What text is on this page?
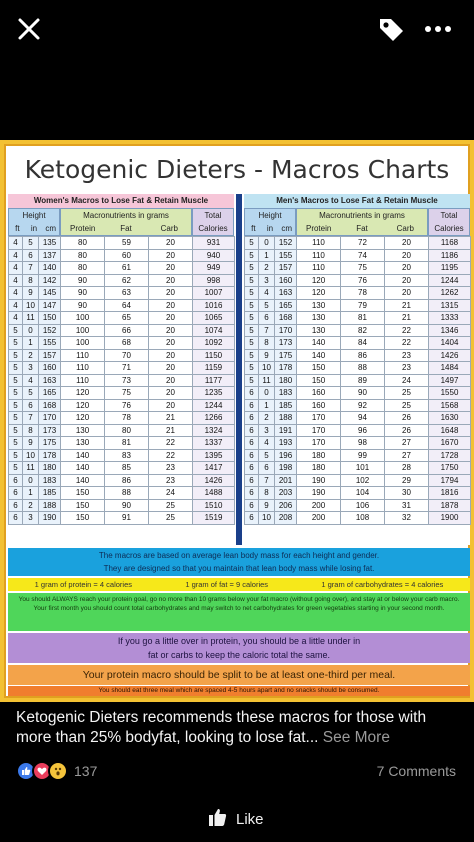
Ketogenic Dieters - Macros Charts
Women's Macros to Lose Fat & Retain Muscle
Height
ft	in	cm
Macronutrients in grams
Protein	Fat	Carb
Total
Calories
4	5	135	80	59	20	931
4	6	137	80	60	20	940
4	7	140	80	61	20	949
4	8	142	90	62	20	998
4	9	145	90	63	20	1007
4	10	147	90	64	20	1016
4	11	150	100	65	20	1065
5	0	152	100	66	20	1074
5	1	155	100	68	20	1092
5	2	157	110	70	20	1150
5	3	160	110	71	20	1159
5	4	163	110	73	20	1177
5	5	165	120	75	20	1235
5	6	168	120	76	20	1244
5	7	170	120	78	21	1266
5	8	173	130	80	21	1324
5	9	175	130	81	22	1337
5	10	178	140	83	22	1395
5	11	180	140	85	23	1417
6	0	183	140	86	23	1426
6	1	185	150	88	24	1488
6	2	188	150	90	25	1510
6	3	190	150	91	25	1519
Men's Macros to Lose Fat & Retain Muscle
Height
ft	in	cm
Macronutrients in grams
Protein	Fat	Carb
Total
Calories
5	0	152	110	72	20	1168
5	1	155	110	74	20	1186
5	2	157	110	75	20	1195
5	3	160	120	76	20	1244
5	4	163	120	78	20	1262
5	5	165	130	79	21	1315
5	6	168	130	81	21	1333
5	7	170	130	82	22	1346
5	8	173	140	84	22	1404
5	9	175	140	86	23	1426
5	10	178	150	88	23	1484
5	11	180	150	89	24	1497
6	0	183	160	90	25	1550
6	1	185	160	92	25	1568
6	2	188	170	94	26	1630
6	3	191	170	96	26	1648
6	4	193	170	98	27	1670
6	5	196	180	99	27	1728
6	6	198	180	101	28	1750
6	7	201	190	102	29	1794
6	8	203	190	104	30	1816
6	9	206	200	106	31	1878
6	10	208	200	108	32	1900
The macros are based on average lean body mass for each height and gender.
They are designed so that you maintain that lean body mass while losing fat.
1 gram of protein = 4 calories	1 gram of fat = 9 calories	1 gram of carbohydrates = 4 calories
You should ALWAYS reach your protein goal, go no more than 10 grams below your fat macro (without going over), and stay at or below your carb macro. Your first month you should count total carbohydrates and may switch to net carbohydrates for green vegetables starting in your second month.
If you go a little over in protein, you should be a little under in
fat or carbs to keep the caloric total the same.
Your protein macro should be split to be at least one-third per meal.
You should eat three meal which are spaced 4-5 hours apart and no snacks should be consumed.
Ketogenic Dieters recommends these macros for those with more than 25% bodyfat, looking to lose fat... See More
137	7 Comments
Like
